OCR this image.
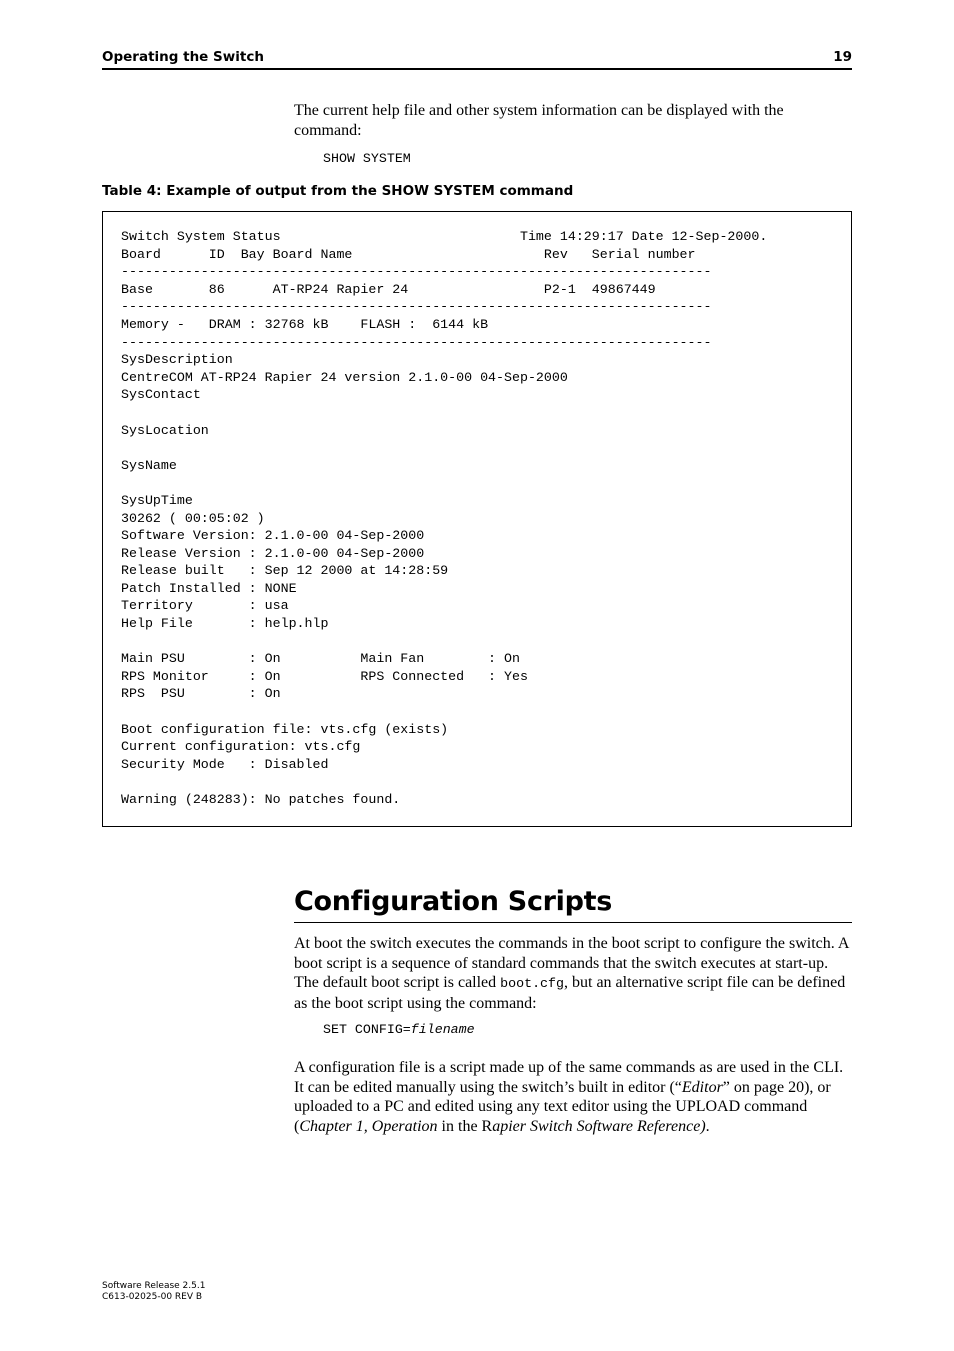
Operating the Switch	19
The current help file and other system information can be displayed with the command:
SHOW SYSTEM
Table 4: Example of output from the SHOW SYSTEM command
Switch System Status                              Time 14:29:17 Date 12-Sep-2000.
Board      ID  Bay Board Name                        Rev   Serial number
--------------------------------------------------------------------------
Base       86      AT-RP24 Rapier 24                 P2-1  49867449
--------------------------------------------------------------------------
Memory -   DRAM : 32768 kB    FLASH :  6144 kB
--------------------------------------------------------------------------
SysDescription
CentreCOM AT-RP24 Rapier 24 version 2.1.0-00 04-Sep-2000
SysContact

SysLocation

SysName

SysUpTime
30262 ( 00:05:02 )
Software Version: 2.1.0-00 04-Sep-2000
Release Version : 2.1.0-00 04-Sep-2000
Release built   : Sep 12 2000 at 14:28:59
Patch Installed : NONE
Territory       : usa
Help File       : help.hlp

Main PSU        : On          Main Fan        : On
RPS Monitor     : On          RPS Connected   : Yes
RPS  PSU        : On

Boot configuration file: vts.cfg (exists)
Current configuration: vts.cfg
Security Mode   : Disabled

Warning (248283): No patches found.
Configuration Scripts
At boot the switch executes the commands in the boot script to configure the switch. A boot script is a sequence of standard commands that the switch executes at start-up. The default boot script is called boot.cfg, but an alternative script file can be defined as the boot script using the command:
SET CONFIG=filename
A configuration file is a script made up of the same commands as are used in the CLI. It can be edited manually using the switch’s built in editor (“Editor” on page 20), or uploaded to a PC and edited using any text editor using the UPLOAD command (Chapter 1, Operation in the Rapier Switch Software Reference).
Software Release 2.5.1
C613-02025-00 REV B
